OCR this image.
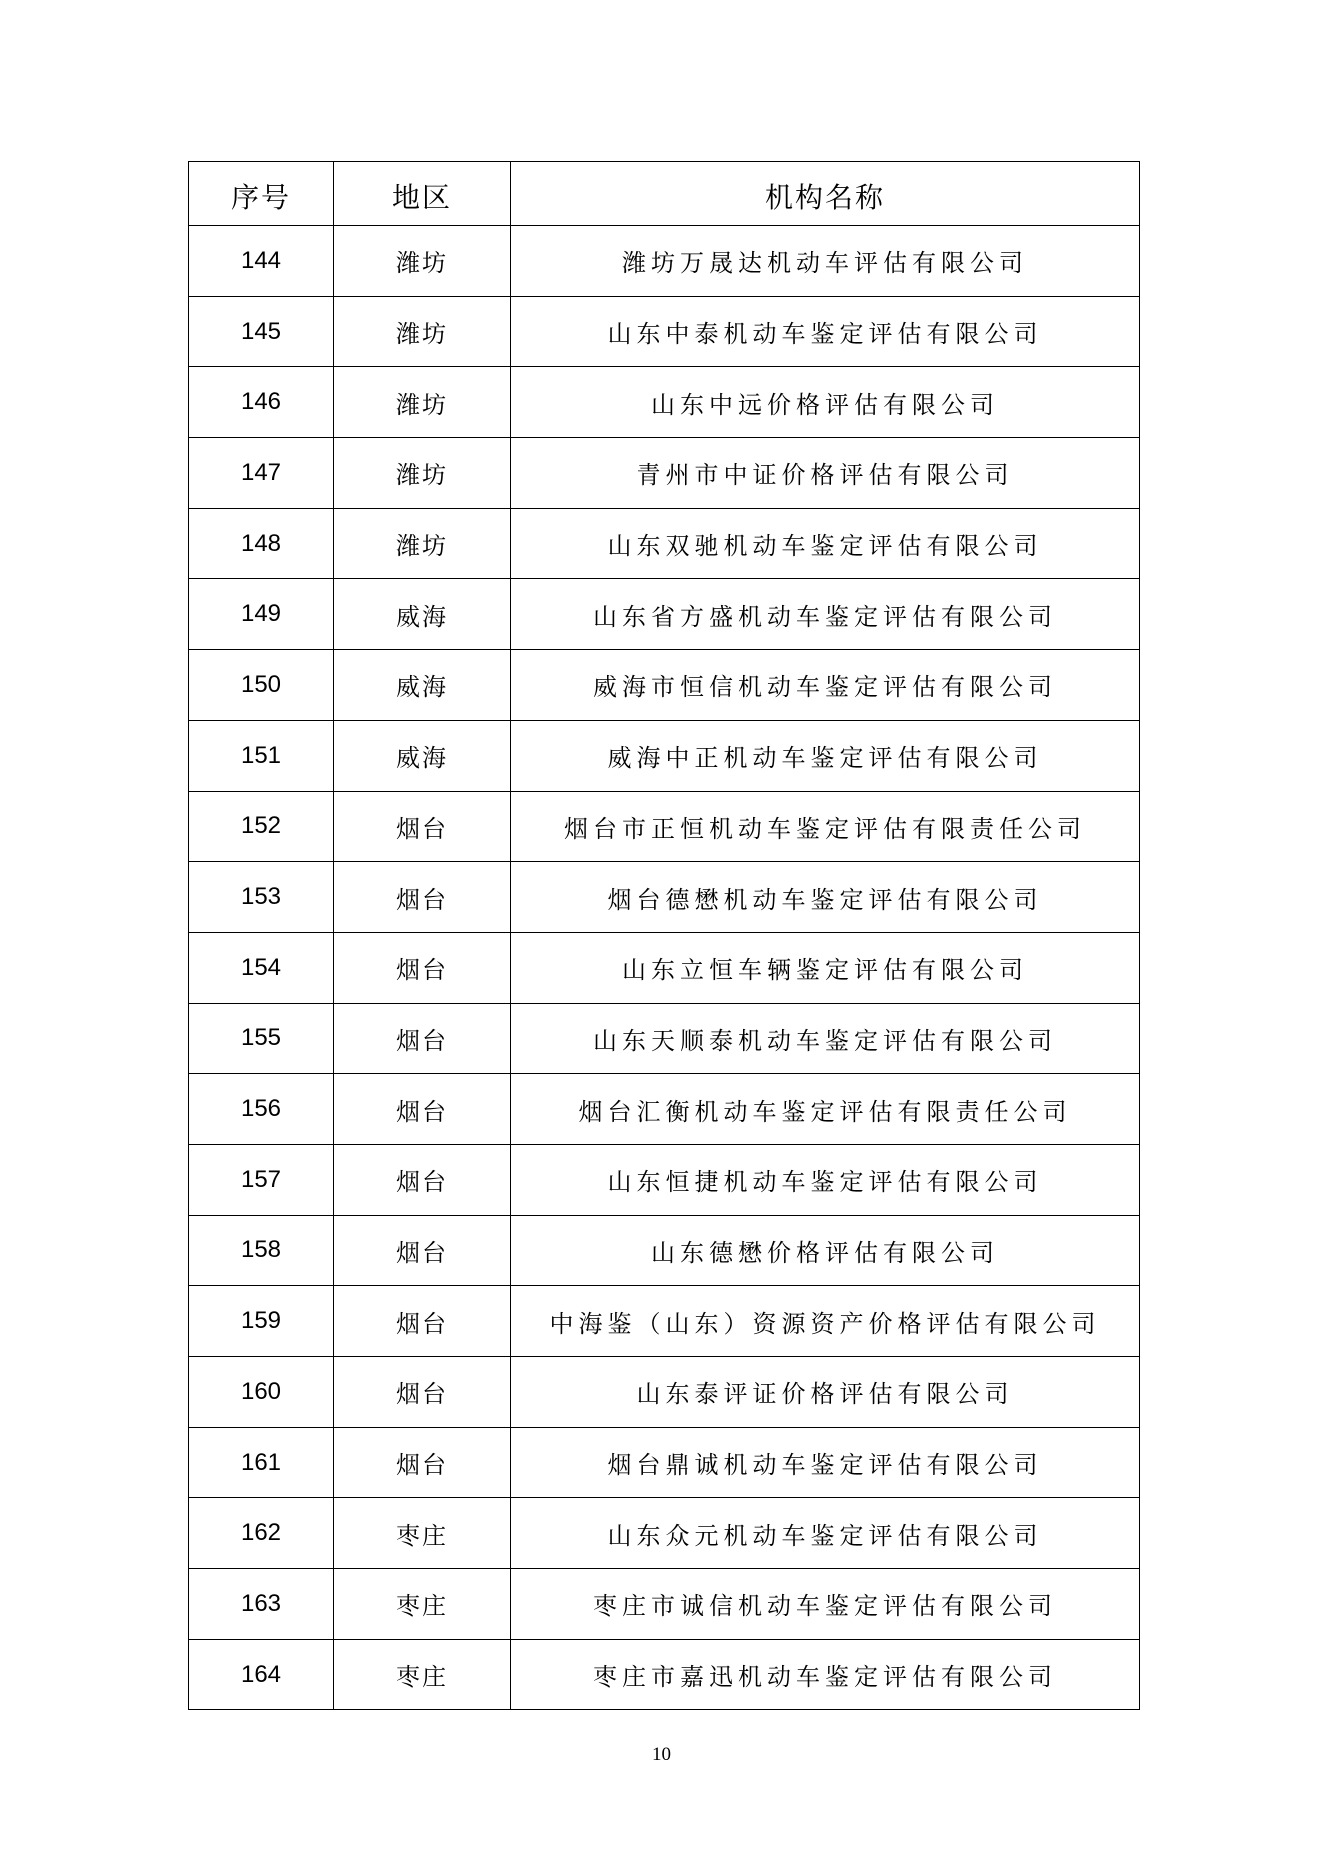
序号	地区	机构名称
144	潍坊	潍坊万晟达机动车评估有限公司
145	潍坊	山东中泰机动车鉴定评估有限公司
146	潍坊	山东中远价格评估有限公司
147	潍坊	青州市中证价格评估有限公司
148	潍坊	山东双驰机动车鉴定评估有限公司
149	威海	山东省方盛机动车鉴定评估有限公司
150	威海	威海市恒信机动车鉴定评估有限公司
151	威海	威海中正机动车鉴定评估有限公司
152	烟台	烟台市正恒机动车鉴定评估有限责任公司
153	烟台	烟台德懋机动车鉴定评估有限公司
154	烟台	山东立恒车辆鉴定评估有限公司
155	烟台	山东天顺泰机动车鉴定评估有限公司
156	烟台	烟台汇衡机动车鉴定评估有限责任公司
157	烟台	山东恒捷机动车鉴定评估有限公司
158	烟台	山东德懋价格评估有限公司
159	烟台	中海鉴（山东）资源资产价格评估有限公司
160	烟台	山东泰评证价格评估有限公司
161	烟台	烟台鼎诚机动车鉴定评估有限公司
162	枣庄	山东众元机动车鉴定评估有限公司
163	枣庄	枣庄市诚信机动车鉴定评估有限公司
164	枣庄	枣庄市嘉迅机动车鉴定评估有限公司
10
